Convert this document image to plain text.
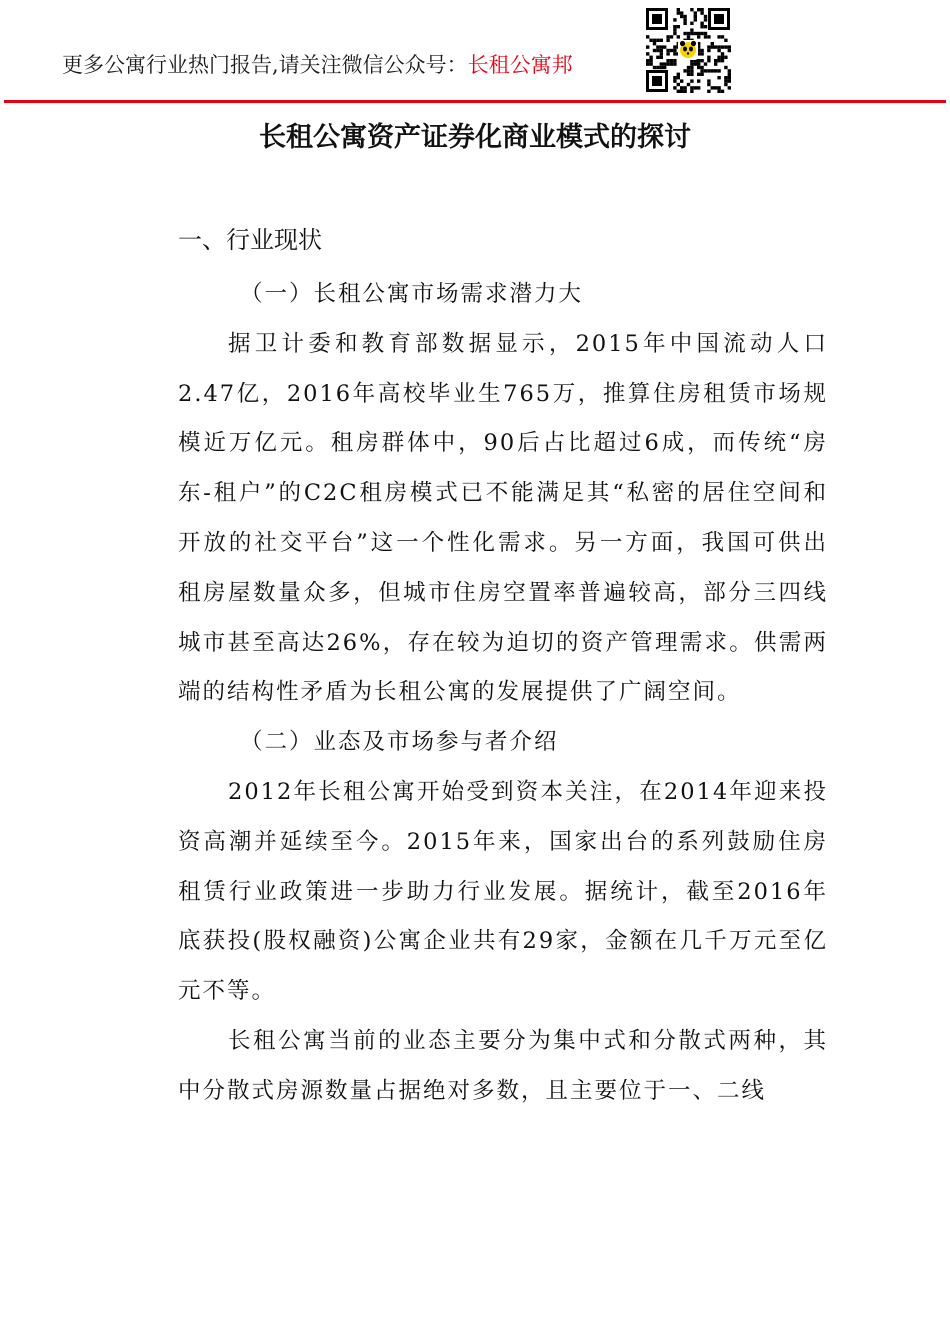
更多公寓行业热门报告,请关注微信公众号：长租公寓邦
长租公寓资产证券化商业模式的探讨
一、行业现状

（一）长租公寓市场需求潜力大

据卫计委和教育部数据显示，2015年中国流动人口2.47亿，2016年高校毕业生765万，推算住房租赁市场规模近万亿元。租房群体中，90后占比超过6成，而传统“房东-租户”的C2C租房模式已不能满足其“私密的居住空间和开放的社交平台”这一个性化需求。另一方面，我国可供出租房屋数量众多，但城市住房空置率普遍较高，部分三四线城市甚至高达26%，存在较为迫切的资产管理需求。供需两端的结构性矛盾为长租公寓的发展提供了广阔空间。

（二）业态及市场参与者介绍

2012年长租公寓开始受到资本关注，在2014年迎来投资高潮并延续至今。2015年来，国家出台的系列鼓励住房租赁行业政策进一步助力行业发展。据统计，截至2016年底获投(股权融资)公寓企业共有29家，金额在几千万元至亿元不等。

长租公寓当前的业态主要分为集中式和分散式两种，其中分散式房源数量占据绝对多数，且主要位于一、二线
